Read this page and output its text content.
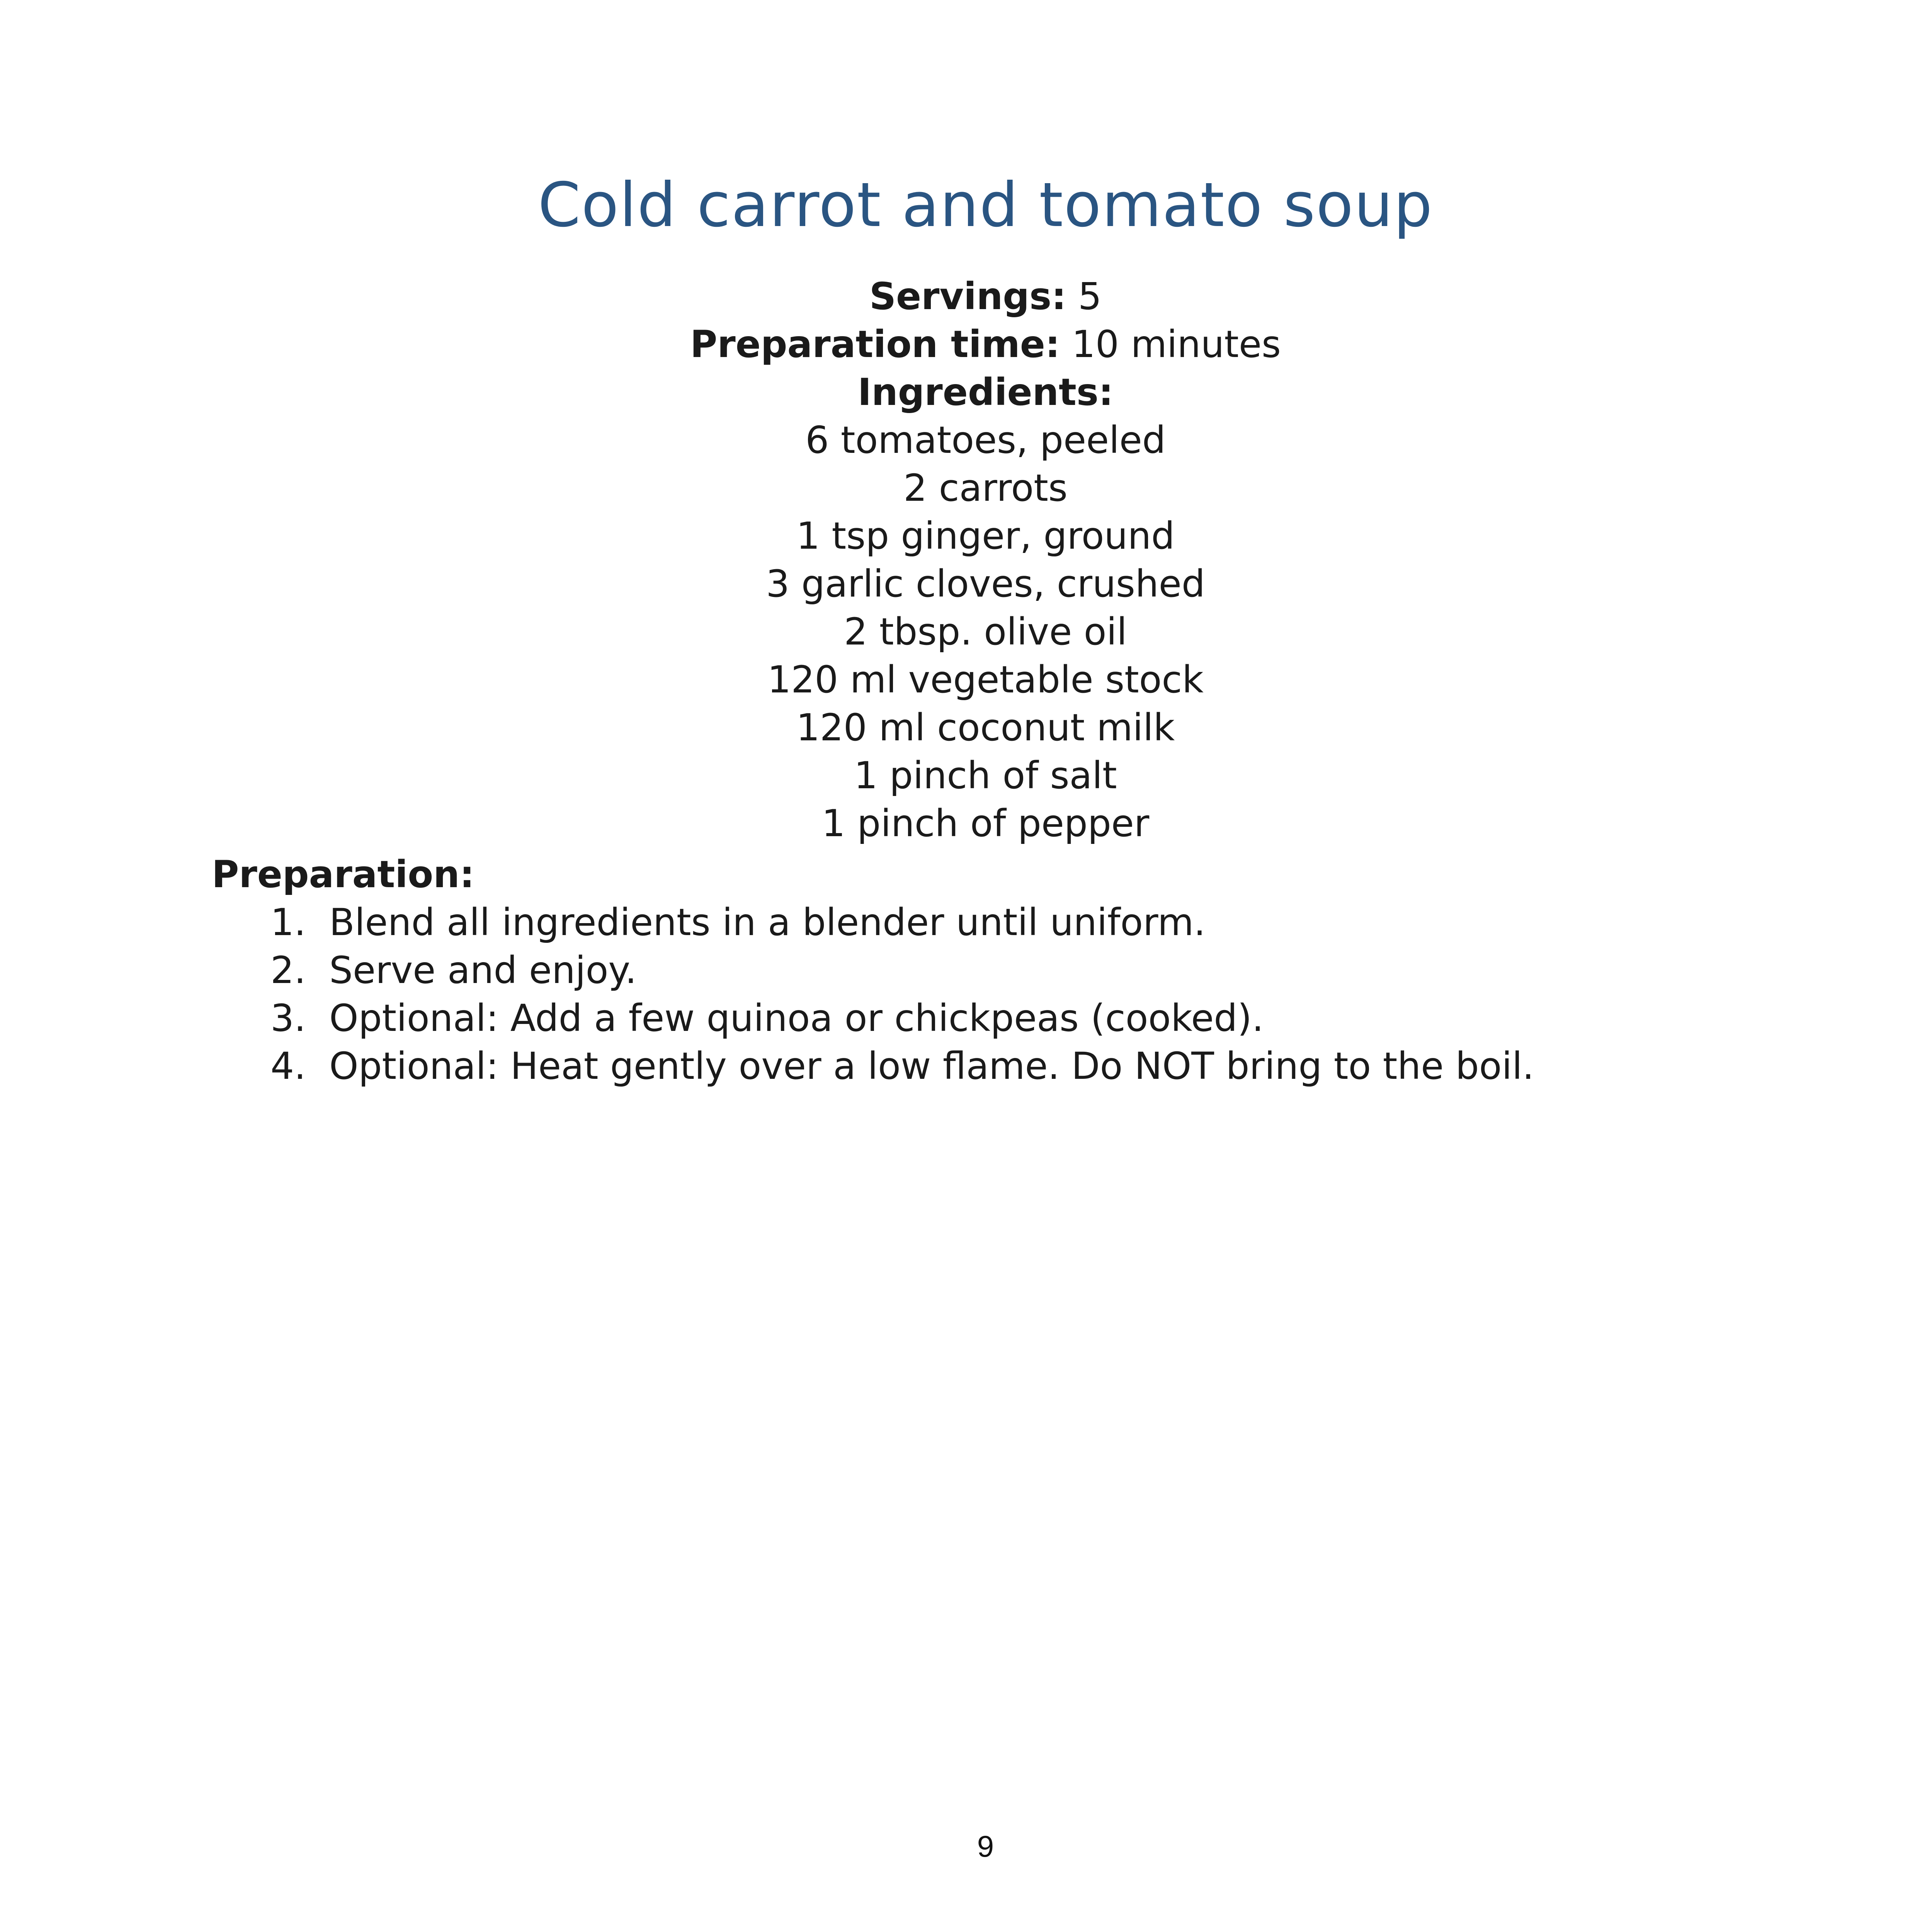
Cold carrot and tomato soup
Servings: 5
Preparation time: 10 minutes
Ingredients:
6 tomatoes, peeled
2 carrots
1 tsp ginger, ground
3 garlic cloves, crushed
2 tbsp. olive oil
120 ml vegetable stock
120 ml coconut milk
1 pinch of salt
1 pinch of pepper
Preparation:
1. Blend all ingredients in a blender until uniform.
2. Serve and enjoy.
3. Optional: Add a few quinoa or chickpeas (cooked).
4. Optional: Heat gently over a low flame. Do NOT bring to the boil.
9
